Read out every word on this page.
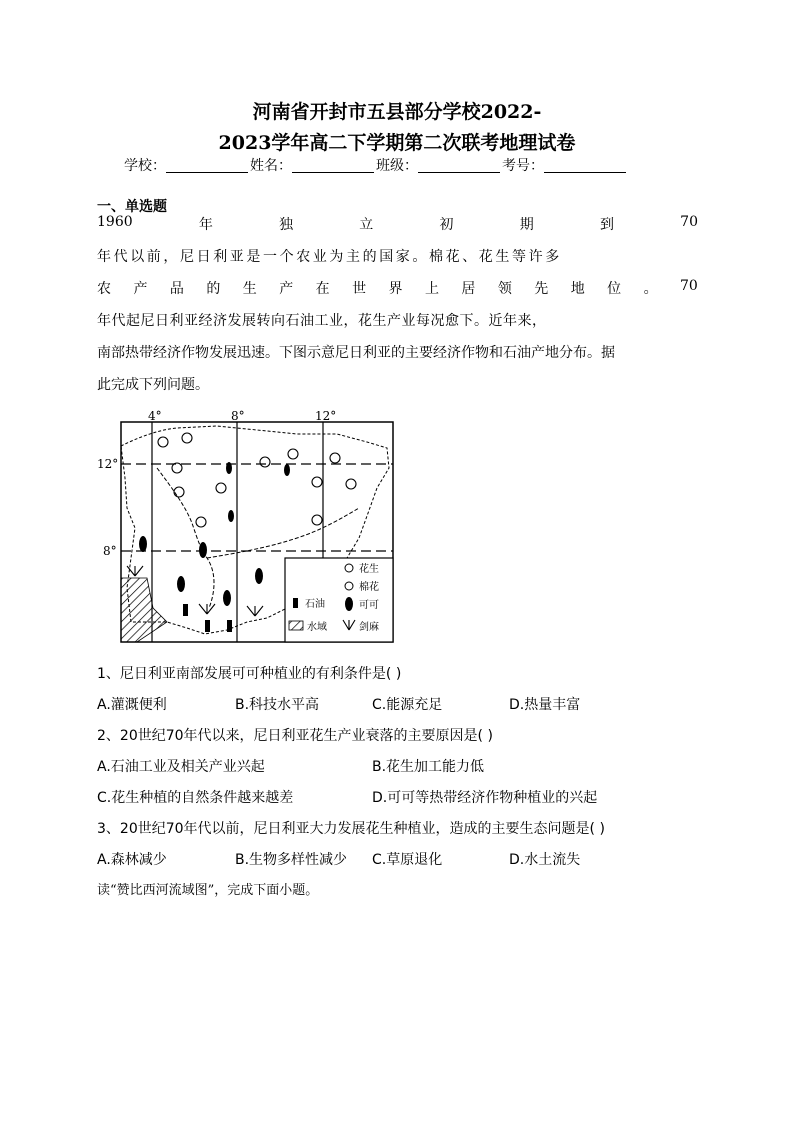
河南省开封市五县部分学校2022-
2023学年高二下学期第二次联考地理试卷
学校：	姓名：	班级：	考号：
一、单选题
1960	年	独	立	初	期	到	70
年代以前，尼日利亚是一个农业为主的国家。棉花、花生等许多
农 产 品 的 生 产 在 世 界 上 居 领 先 地 位 。 70
年代起尼日利亚经济发展转向石油工业，花生产业每况愈下。近年来，
南部热带经济作物发展迅速。下图示意尼日利亚的主要经济作物和石油产地分布。据
此完成下列问题。
4°	8°	12°
12°
8°
花生
棉花
石油	可可
水域	剑麻
1、尼日利亚南部发展可可种植业的有利条件是( )
A.灌溉便利	B.科技水平高	C.能源充足	D.热量丰富
2、20世纪70年代以来，尼日利亚花生产业衰落的主要原因是( )
A.石油工业及相关产业兴起	B.花生加工能力低
C.花生种植的自然条件越来越差	D.可可等热带经济作物种植业的兴起
3、20世纪70年代以前，尼日利亚大力发展花生种植业，造成的主要生态问题是( )
A.森林减少	B.生物多样性减少 C.草原退化	D.水土流失
读“赞比西河流域图”，完成下面小题。
